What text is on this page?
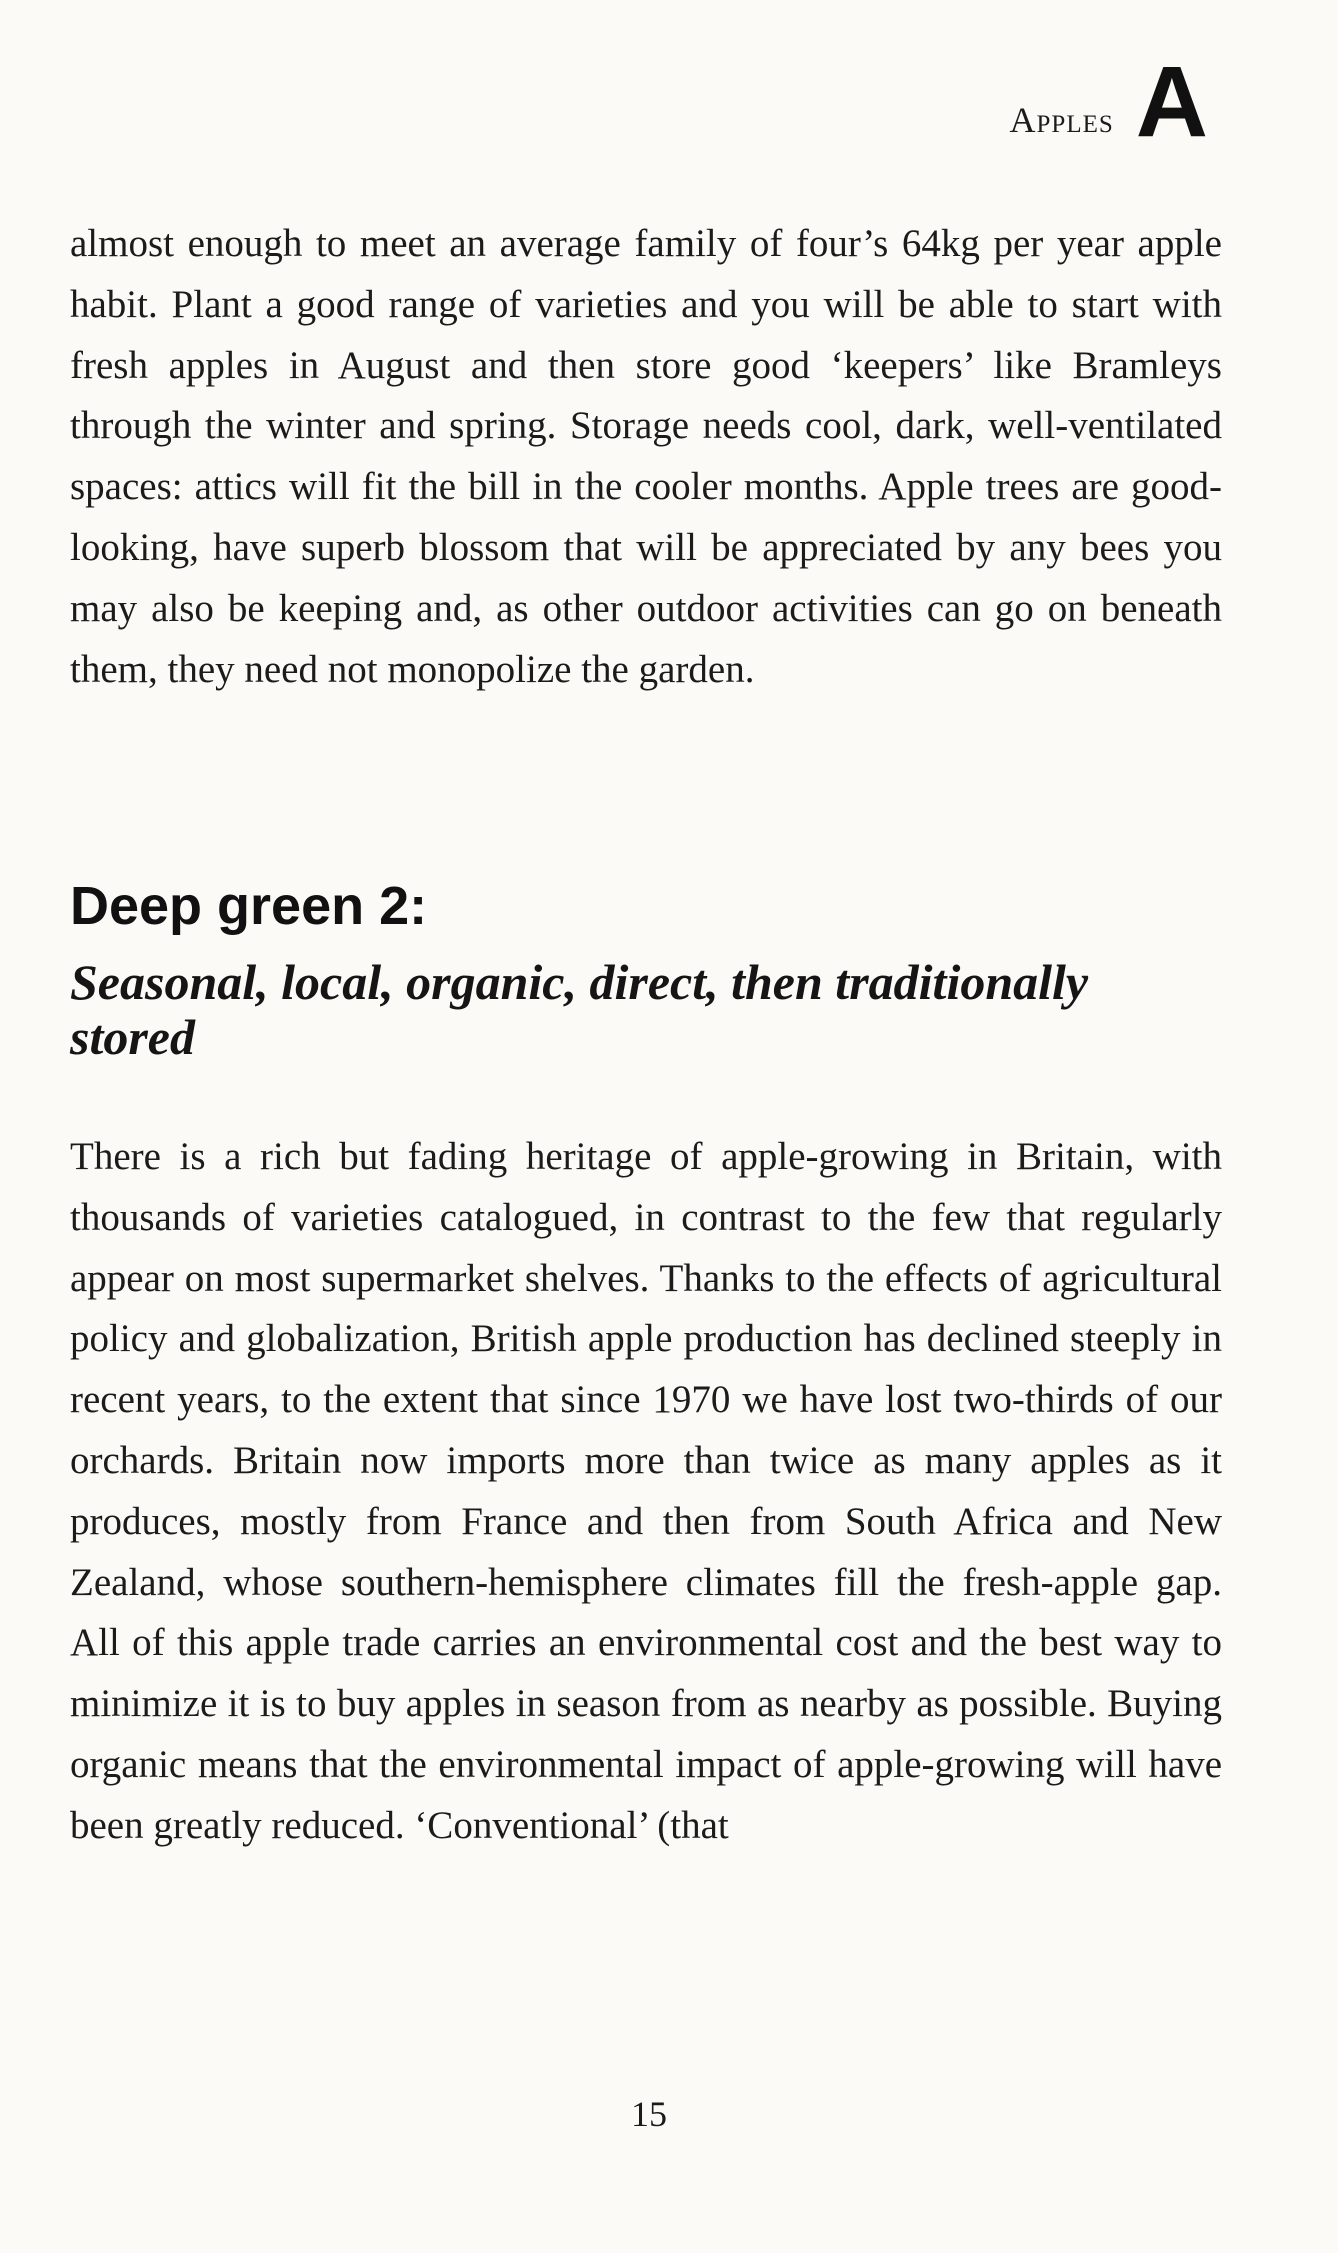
Apples A

almost enough to meet an average family of four’s 64kg per year apple habit. Plant a good range of varieties and you will be able to start with fresh apples in August and then store good ‘keepers’ like Bramleys through the winter and spring. Storage needs cool, dark, well-ventilated spaces: attics will fit the bill in the cooler months. Apple trees are good-looking, have superb blossom that will be appreciated by any bees you may also be keeping and, as other outdoor activities can go on beneath them, they need not monopolize the garden.

Deep green 2:
Seasonal, local, organic, direct, then traditionally stored

There is a rich but fading heritage of apple-growing in Britain, with thousands of varieties catalogued, in contrast to the few that regularly appear on most supermarket shelves. Thanks to the effects of agricultural policy and globalization, British apple production has declined steeply in recent years, to the extent that since 1970 we have lost two-thirds of our orchards. Britain now imports more than twice as many apples as it produces, mostly from France and then from South Africa and New Zealand, whose southern-hemisphere climates fill the fresh-apple gap. All of this apple trade carries an environmental cost and the best way to minimize it is to buy apples in season from as nearby as possible. Buying organic means that the environmental impact of apple-growing will have been greatly reduced. ‘Conventional’ (that

15
